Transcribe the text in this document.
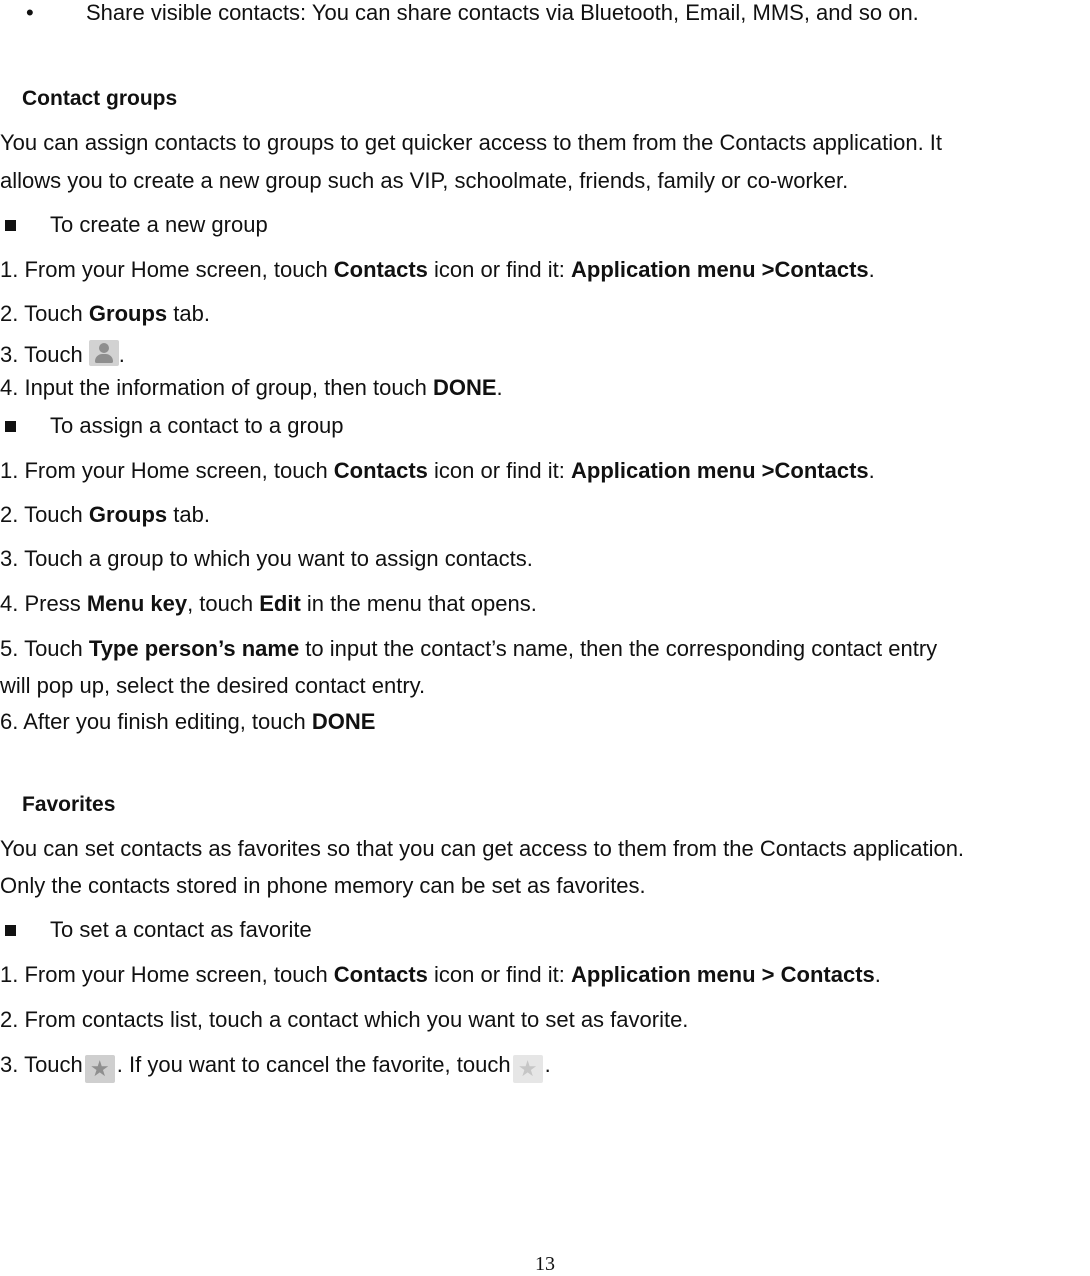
• Share visible contacts: You can share contacts via Bluetooth, Email, MMS, and so on.
Contact groups
You can assign contacts to groups to get quicker access to them from the Contacts application. It
allows you to create a new group such as VIP, schoolmate, friends, family or co-worker.
To create a new group
1. From your Home screen, touch Contacts icon or find it: Application menu >Contacts.
2. Touch Groups tab.
3. Touch .
4. Input the information of group, then touch DONE.
To assign a contact to a group
1. From your Home screen, touch Contacts icon or find it: Application menu >Contacts.
2. Touch Groups tab.
3. Touch a group to which you want to assign contacts.
4. Press Menu key, touch Edit in the menu that opens.
5. Touch Type person’s name to input the contact’s name, then the corresponding contact entry
will pop up, select the desired contact entry.
6. After you finish editing, touch DONE
Favorites
You can set contacts as favorites so that you can get access to them from the Contacts application.
Only the contacts stored in phone memory can be set as favorites.
To set a contact as favorite
1. From your Home screen, touch Contacts icon or find it: Application menu > Contacts.
2. From contacts list, touch a contact which you want to set as favorite.
3. Touch ★ . If you want to cancel the favorite, touch ★ .
13
